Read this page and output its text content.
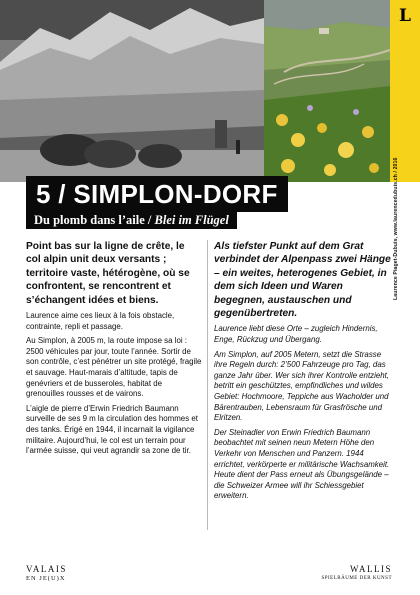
L
Laurence Piaget-Dubuis, www.laurencedubuis.ch / 2016
5 / SIMPLON-DORF
Du plomb dans l’aile /
Blei im Flügel

Point bas sur la ligne de crête, le col alpin unit deux versants ; territoire vaste, hétérogène, où se confrontent, se rencontrent et s’échangent idées et biens.

Laurence aime ces lieux à la fois obstacle, contrainte, repli et passage.

Au Simplon, à 2005 m, la route impose sa loi : 2500 véhicules par jour, toute l’année. Sortir de son contrôle, c’est pénétrer un site protégé, fragile et sauvage. Haut-marais d’altitude, tapis de genévriers et de busseroles, habitat de grenouilles rousses et de vairons.

L’aigle de pierre d’Erwin Friedrich Baumann surveille de ses 9 m la circulation des hommes et des tanks. Érigé en 1944, il incarnait la vigilance militaire. Aujourd’hui, le col est un terrain pour l’armée suisse, qui veut agrandir sa zone de tir.

Als tiefster Punkt auf dem Grat verbindet der Alpenpass zwei Hänge – ein weites, heterogenes Gebiet, in dem sich Ideen und Waren begegnen, austauschen und gegenübertreten.

Laurence liebt diese Orte – zugleich Hindernis, Enge, Rückzug und Übergang.

Am Simplon, auf 2005 Metern, setzt die Strasse ihre Regeln durch: 2’500 Fahrzeuge pro Tag, das ganze Jahr über. Wer sich ihrer Kontrolle entzieht, betritt ein geschütztes, empfindliches und wildes Gebiet: Hochmoore, Teppiche aus Wacholder und Bärentrauben, Lebensraum für Grasfrösche und Elritzen.

Der Steinadler von Erwin Friedrich Baumann beobachtet mit seinen neun Metern Höhe den Verkehr von Menschen und Panzern. 1944 errichtet, verkörperte er militärische Wachsamkeit. Heute dient der Pass erneut als Übungsgelände – die Schweizer Armee will ihr Schiessgebiet erweitern.

VALAIS
EN JE(U)X
WALLIS
SPIELRÄUME DER KUNST
